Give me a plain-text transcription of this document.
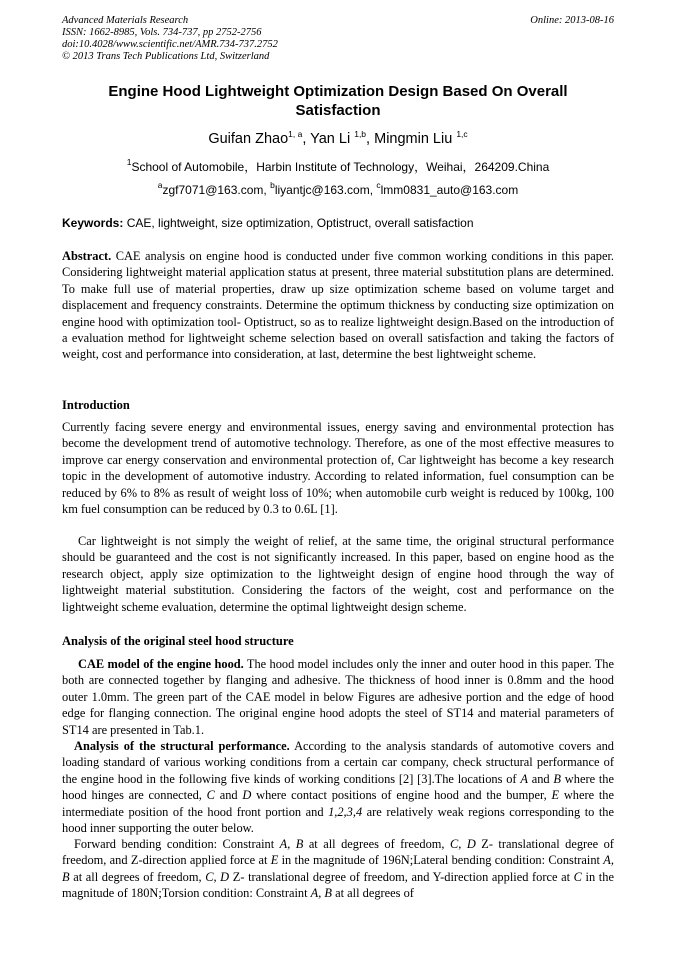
Advanced Materials Research
ISSN: 1662-8985, Vols. 734-737, pp 2752-2756
doi:10.4028/www.scientific.net/AMR.734-737.2752
© 2013 Trans Tech Publications Ltd, Switzerland
Online: 2013-08-16
Engine Hood Lightweight Optimization Design Based On Overall
Satisfaction
Guifan Zhao$^{1, a}$, Yan Li $^{1,b}$, Mingmin Liu $^{1,c}$
$^1$School of Automobile，Harbin Institute of Technology，Weihai，264209.China
$^a$zgf7071@163.com, $^b$liyantjc@163.com, $^c$lmm0831_auto@163.com
Keywords: CAE, lightweight, size optimization, Optistruct, overall satisfaction
Abstract. CAE analysis on engine hood is conducted under five common working conditions in this paper. Considering lightweight material application status at present, three material substitution plans are determined. To make full use of material properties, draw up size optimization scheme based on volume target and displacement and frequency constraints. Determine the optimum thickness by conducting size optimization on engine hood with optimization tool- Optistruct, so as to realize lightweight design.Based on the introduction of a evaluation method for lightweight scheme selection based on overall satisfaction and taking the factors of weight, cost and performance into consideration, at last, determine the best lightweight scheme.
Introduction
Currently facing severe energy and environmental issues, energy saving and environmental protection has become the development trend of automotive technology. Therefore, as one of the most effective measures to improve car energy conservation and environmental protection of, Car lightweight has become a key research topic in the development of automotive industry. According to related information, fuel consumption can be reduced by 6% to 8% as result of weight loss of 10%; when automobile curb weight is reduced by 100kg, 100 km fuel consumption can be reduced by 0.3 to 0.6L [1].
Car lightweight is not simply the weight of relief, at the same time, the original structural performance should be guaranteed and the cost is not significantly increased. In this paper, based on engine hood as the research object, apply size optimization to the lightweight design of engine hood through the way of lightweight material substitution. Considering the factors of the weight, cost and performance on the lightweight scheme evaluation, determine the optimal lightweight design scheme.
Analysis of the original steel hood structure
CAE model of the engine hood. The hood model includes only the inner and outer hood in this paper. The both are connected together by flanging and adhesive. The thickness of hood inner is 0.8mm and the hood outer 1.0mm. The green part of the CAE model in below Figures are adhesive portion and the edge of hood edge for flanging connection. The original engine hood adopts the steel of ST14 and material parameters of ST14 are presented in Tab.1.
Analysis of the structural performance. According to the analysis standards of automotive covers and loading standard of various working conditions from a certain car company, check structural performance of the engine hood in the following five kinds of working conditions [2] [3].The locations of A and B where the hood hinges are connected, C and D where contact positions of engine hood and the bumper, E where the intermediate position of the hood front portion and 1,2,3,4 are relatively weak regions corresponding to the hood inner supporting the outer below.
Forward bending condition: Constraint A, B at all degrees of freedom, C, D Z- translational degree of freedom, and Z-direction applied force at E in the magnitude of 196N;Lateral bending condition: Constraint A, B at all degrees of freedom, C, D Z- translational degree of freedom, and Y-direction applied force at C in the magnitude of 180N;Torsion condition: Constraint A, B at all degrees of
